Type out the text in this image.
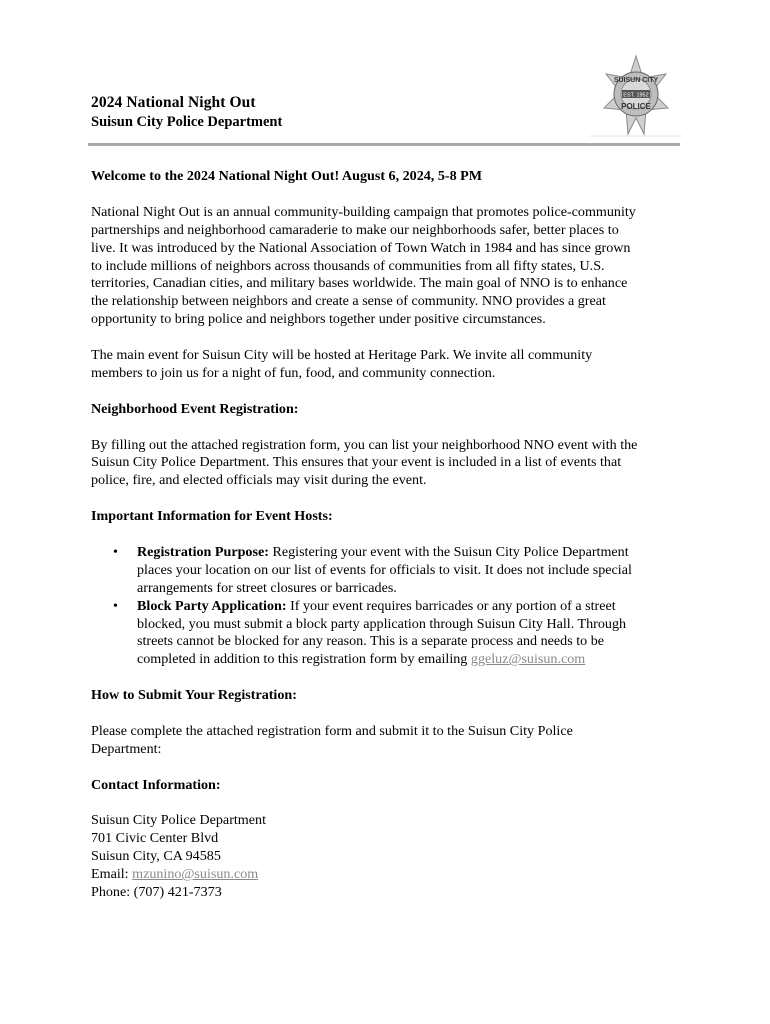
2024 National Night Out
Suisun City Police Department
SUISUN CITY
EST. 1952
POLICE

Welcome to the 2024 National Night Out! August 6, 2024, 5-8 PM

National Night Out is an annual community-building campaign that promotes police-community
partnerships and neighborhood camaraderie to make our neighborhoods safer, better places to
live. It was introduced by the National Association of Town Watch in 1984 and has since grown
to include millions of neighbors across thousands of communities from all fifty states, U.S.
territories, Canadian cities, and military bases worldwide. The main goal of NNO is to enhance
the relationship between neighbors and create a sense of community. NNO provides a great
opportunity to bring police and neighbors together under positive circumstances.
The main event for Suisun City will be hosted at Heritage Park. We invite all community
members to join us for a night of fun, food, and community connection.

Neighborhood Event Registration:

By filling out the attached registration form, you can list your neighborhood NNO event with the
Suisun City Police Department. This ensures that your event is included in a list of events that
police, fire, and elected officials may visit during the event.

Important Information for Event Hosts:

• Registration Purpose: Registering your event with the Suisun City Police Department
places your location on our list of events for officials to visit. It does not include special
arrangements for street closures or barricades.
• Block Party Application: If your event requires barricades or any portion of a street
blocked, you must submit a block party application through Suisun City Hall. Through
streets cannot be blocked for any reason. This is a separate process and needs to be
completed in addition to this registration form by emailing ggeluz@suisun.com

How to Submit Your Registration:

Please complete the attached registration form and submit it to the Suisun City Police
Department:

Contact Information:

Suisun City Police Department
701 Civic Center Blvd
Suisun City, CA 94585
Email: mzunino@suisun.com
Phone: (707) 421-7373
